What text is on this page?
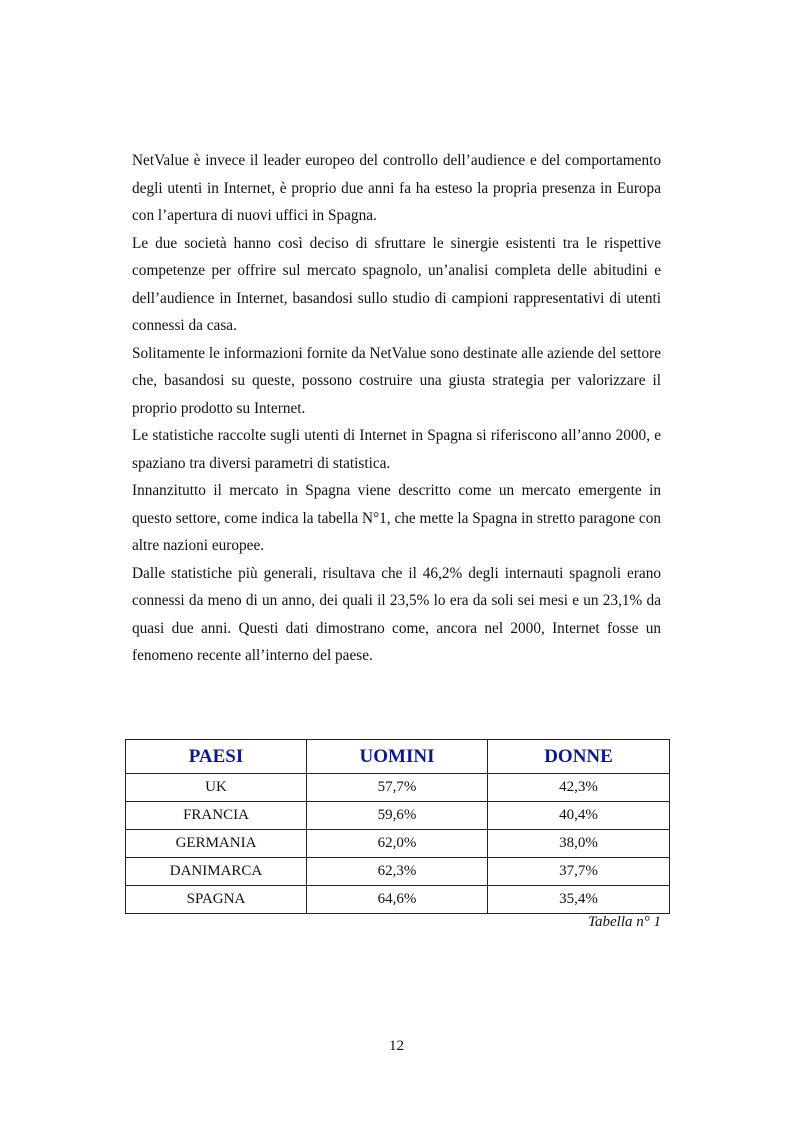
NetValue è invece il leader europeo del controllo dell’audience e del comportamento degli utenti in Internet, è proprio due anni fa ha esteso la propria presenza in Europa con l’apertura di nuovi uffici in Spagna.

Le due società hanno così deciso di sfruttare le sinergie esistenti tra le rispettive competenze per offrire sul mercato spagnolo, un’analisi completa delle abitudini e dell’audience in Internet, basandosi sullo studio di campioni rappresentativi di utenti connessi da casa.

Solitamente le informazioni fornite da NetValue sono destinate alle aziende del settore che, basandosi su queste, possono costruire una giusta strategia per valorizzare il proprio prodotto su Internet.

Le statistiche raccolte sugli utenti di Internet in Spagna si riferiscono all’anno 2000, e spaziano tra diversi parametri di statistica.

Innanzitutto il mercato in Spagna viene descritto come un mercato emergente in questo settore, come indica la tabella N°1, che mette la Spagna in stretto paragone con altre nazioni europee.

Dalle statistiche più generali, risultava che il 46,2% degli internauti spagnoli erano connessi da meno di un anno, dei quali il 23,5% lo era da soli sei mesi e un 23,1% da quasi due anni. Questi dati dimostrano come, ancora nel 2000, Internet fosse un fenomeno recente all’interno del paese.

PAESI	UOMINI	DONNE
UK	57,7%	42,3%
FRANCIA	59,6%	40,4%
GERMANIA	62,0%	38,0%
DANIMARCA	62,3%	37,7%
SPAGNA	64,6%	35,4%
Tabella n° 1
12
